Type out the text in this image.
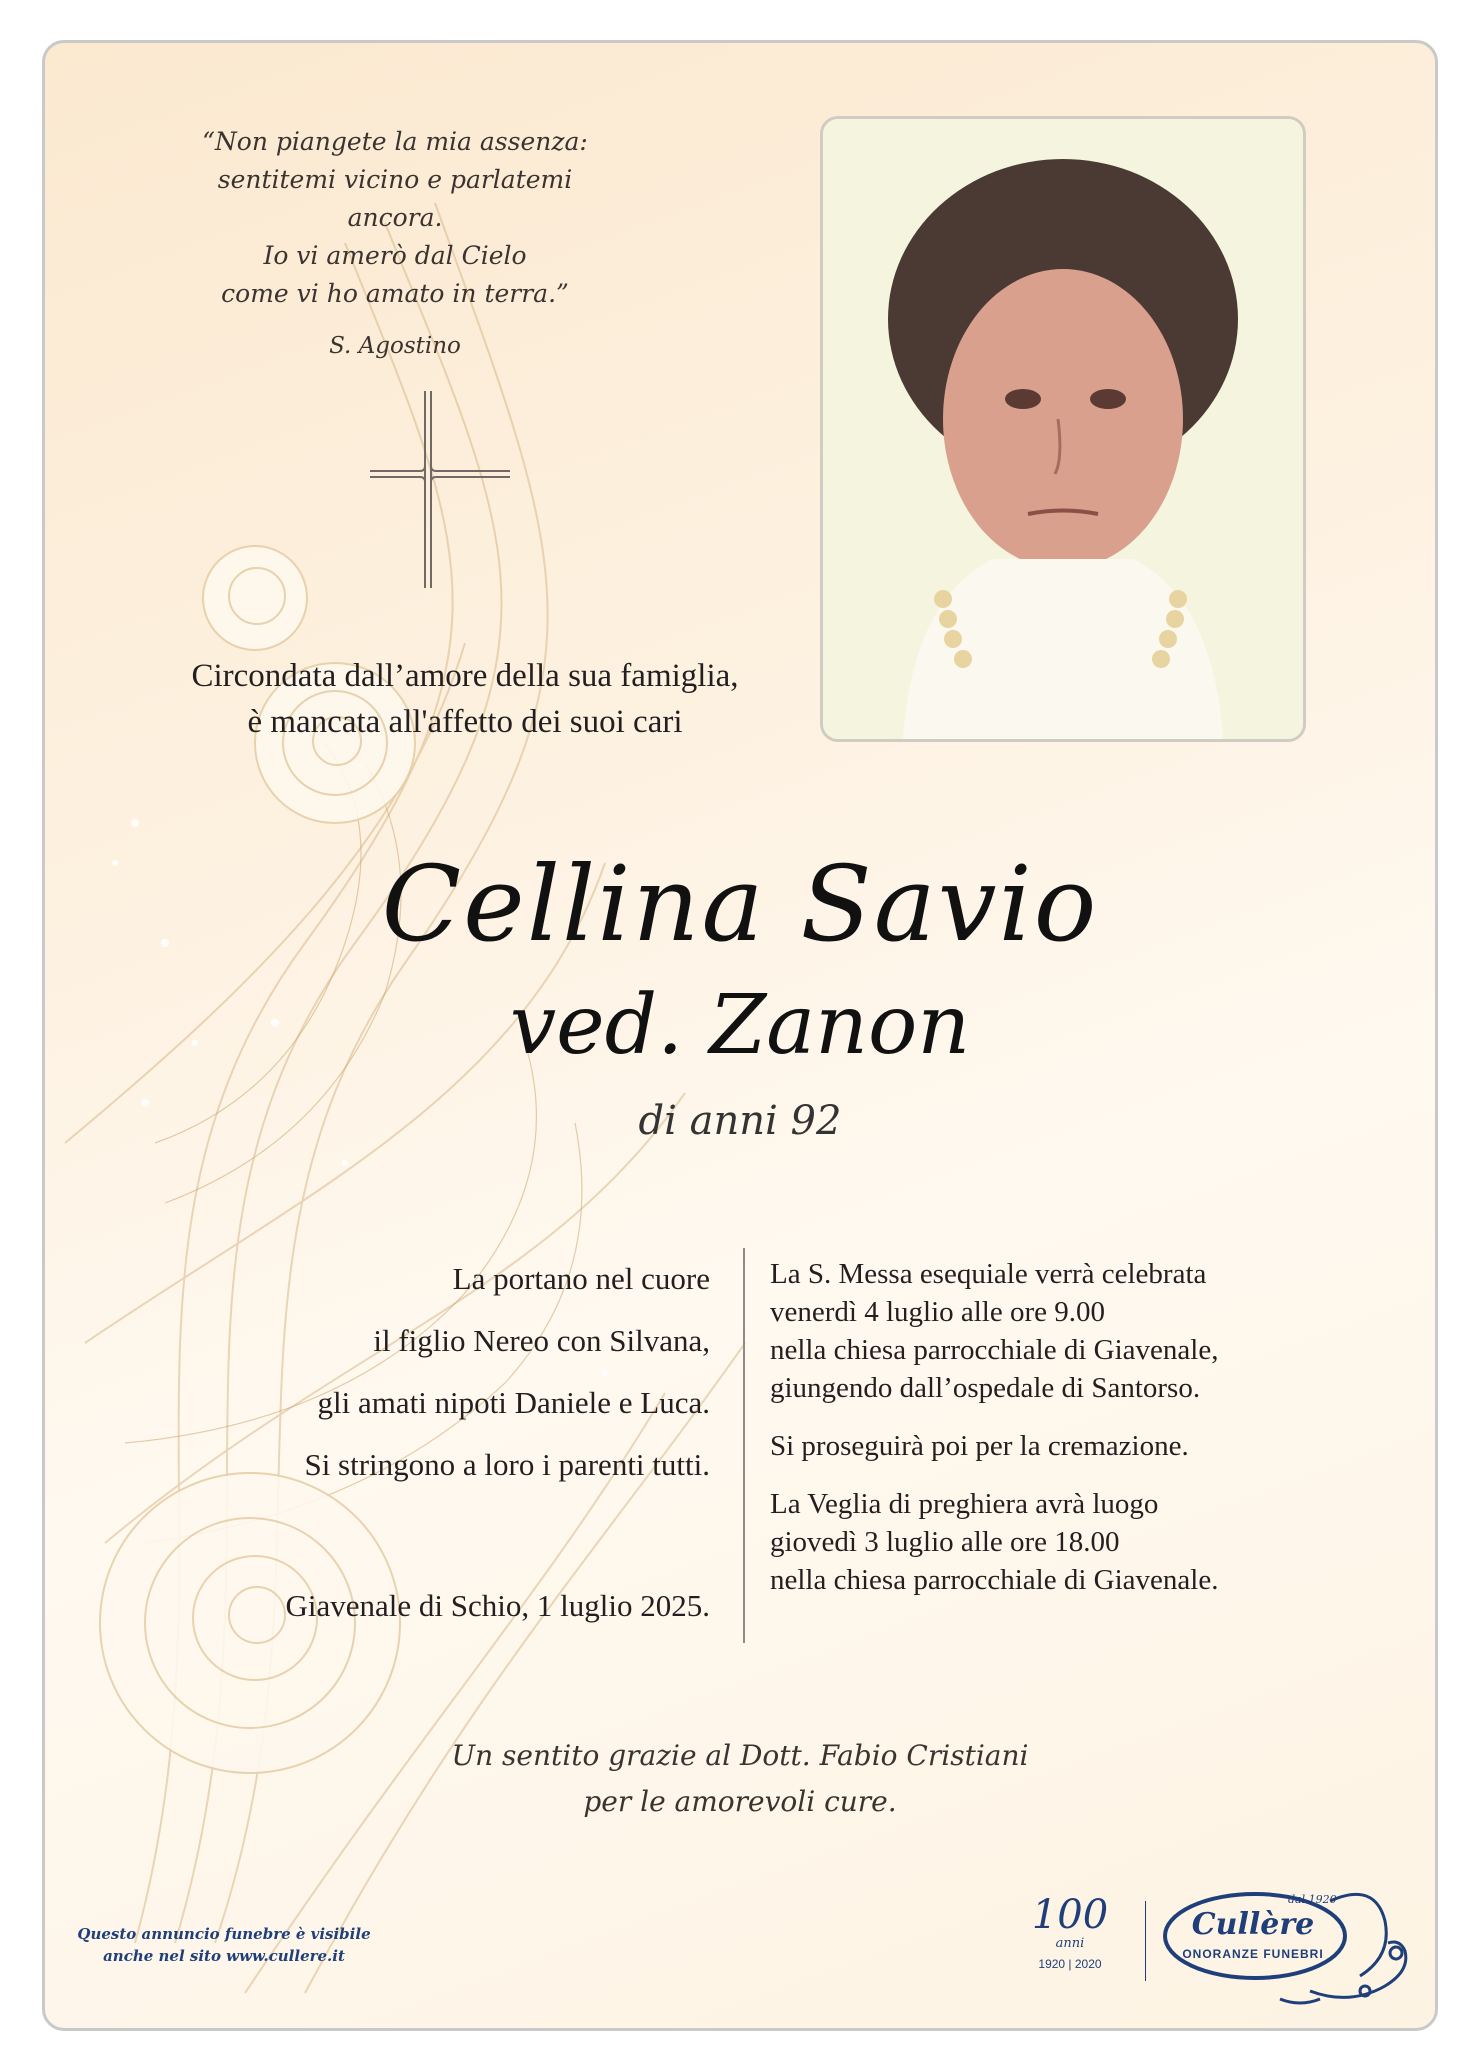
“Non piangete la mia assenza:
sentitemi vicino e parlatemi ancora.
Io vi amerò dal Cielo
come vi ho amato in terra.”
S. Agostino
Circondata dall’amore della sua famiglia,
è mancata all'affetto dei suoi cari
Cellina Savio
ved. Zanon
di anni 92
La portano nel cuore
il figlio Nereo con Silvana,
gli amati nipoti Daniele e Luca.
Si stringono a loro i parenti tutti.
Giavenale di Schio, 1 luglio 2025.
La S. Messa esequiale verrà celebrata
venerdì 4 luglio alle ore 9.00
nella chiesa parrocchiale di Giavenale,
giungendo dall’ospedale di Santorso.
Si proseguirà poi per la cremazione.
La Veglia di preghiera avrà luogo
giovedì 3 luglio alle ore 18.00
nella chiesa parrocchiale di Giavenale.
Un sentito grazie al Dott. Fabio Cristiani
per le amorevoli cure.
Questo annuncio funebre è visibile
anche nel sito www.cullere.it
100
anni
1920 | 2020
dal 1920
Cullère
ONORANZE FUNEBRI
